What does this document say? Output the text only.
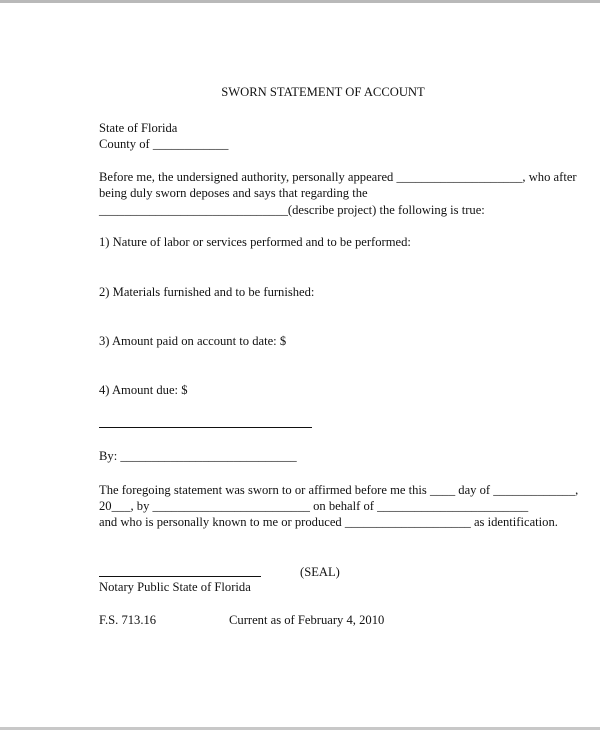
SWORN STATEMENT OF ACCOUNT
State of Florida
County of ____________
Before me, the undersigned authority, personally appeared ____________________, who after
being duly sworn deposes and says that regarding the
______________________________(describe project) the following is true:
1) Nature of labor or services performed and to be performed:
2) Materials furnished and to be furnished:
3) Amount paid on account to date: $
4) Amount due: $
By: ____________________________
The foregoing statement was sworn to or affirmed before me this ____ day of _____________,
20___, by _________________________ on behalf of ________________________
and who is personally known to me or produced ____________________ as identification.
(SEAL)
Notary Public State of Florida
F.S. 713.16	Current as of February 4, 2010
